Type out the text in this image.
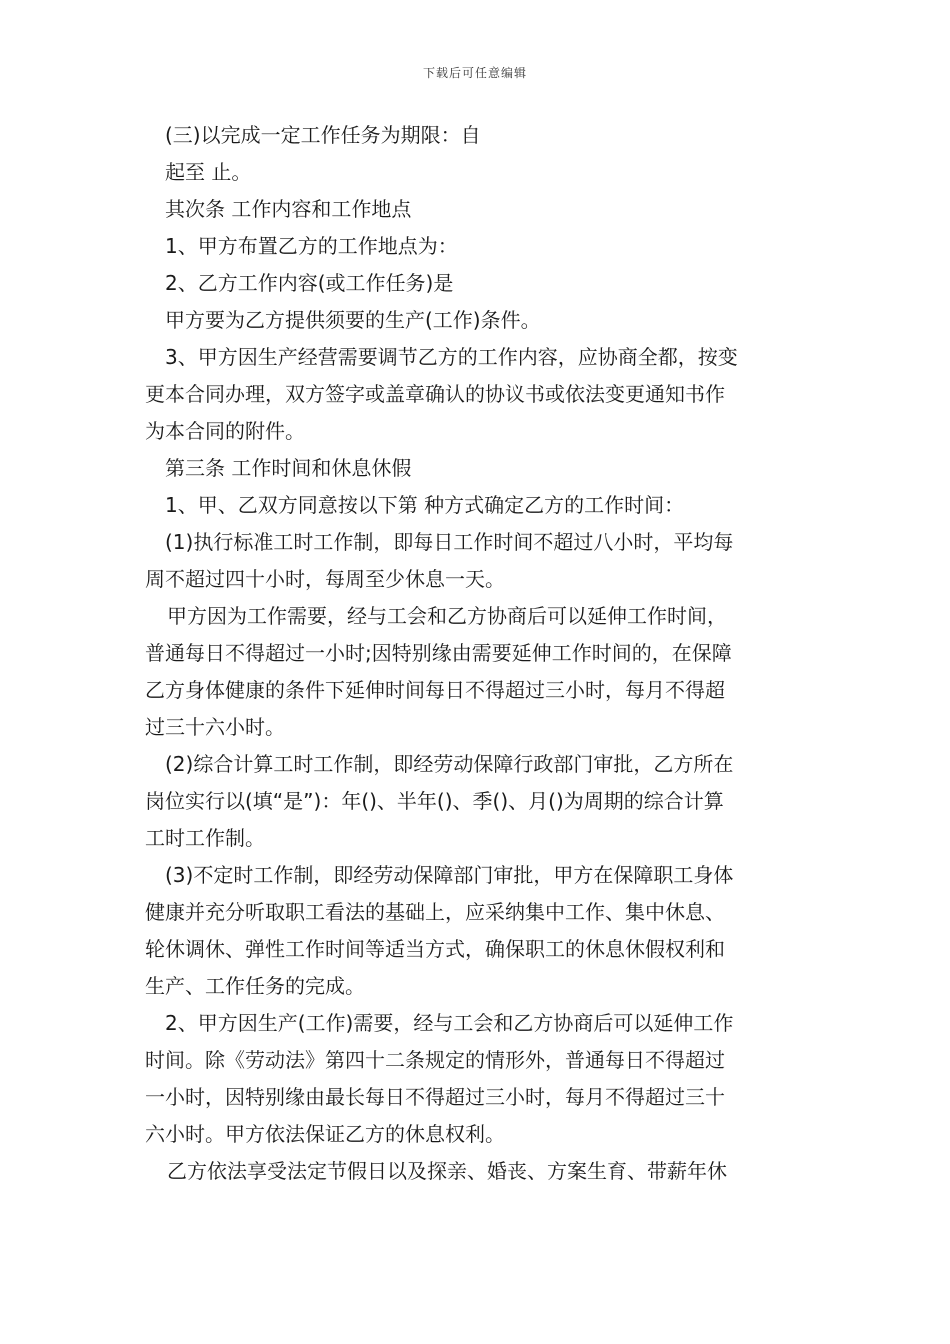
下载后可任意编辑
(三)以完成一定工作任务为期限：自
起至 止。
其次条 工作内容和工作地点
1、甲方布置乙方的工作地点为：
2、乙方工作内容(或工作任务)是
甲方要为乙方提供须要的生产(工作)条件。
3、甲方因生产经营需要调节乙方的工作内容，应协商全都，按变
更本合同办理，双方签字或盖章确认的协议书或依法变更通知书作
为本合同的附件。
第三条 工作时间和休息休假
1、甲、乙双方同意按以下第 种方式确定乙方的工作时间：
(1)执行标准工时工作制，即每日工作时间不超过八小时，平均每
周不超过四十小时，每周至少休息一天。
甲方因为工作需要，经与工会和乙方协商后可以延伸工作时间，
普通每日不得超过一小时;因特别缘由需要延伸工作时间的，在保障
乙方身体健康的条件下延伸时间每日不得超过三小时，每月不得超
过三十六小时。
(2)综合计算工时工作制，即经劳动保障行政部门审批，乙方所在
岗位实行以(填“是”)：年()、半年()、季()、月()为周期的综合计算
工时工作制。
(3)不定时工作制，即经劳动保障部门审批，甲方在保障职工身体
健康并充分听取职工看法的基础上，应采纳集中工作、集中休息、
轮休调休、弹性工作时间等适当方式，确保职工的休息休假权利和
生产、工作任务的完成。
2、甲方因生产(工作)需要，经与工会和乙方协商后可以延伸工作
时间。除《劳动法》第四十二条规定的情形外，普通每日不得超过
一小时，因特别缘由最长每日不得超过三小时，每月不得超过三十
六小时。甲方依法保证乙方的休息权利。
乙方依法享受法定节假日以及探亲、婚丧、方案生育、带薪年休
